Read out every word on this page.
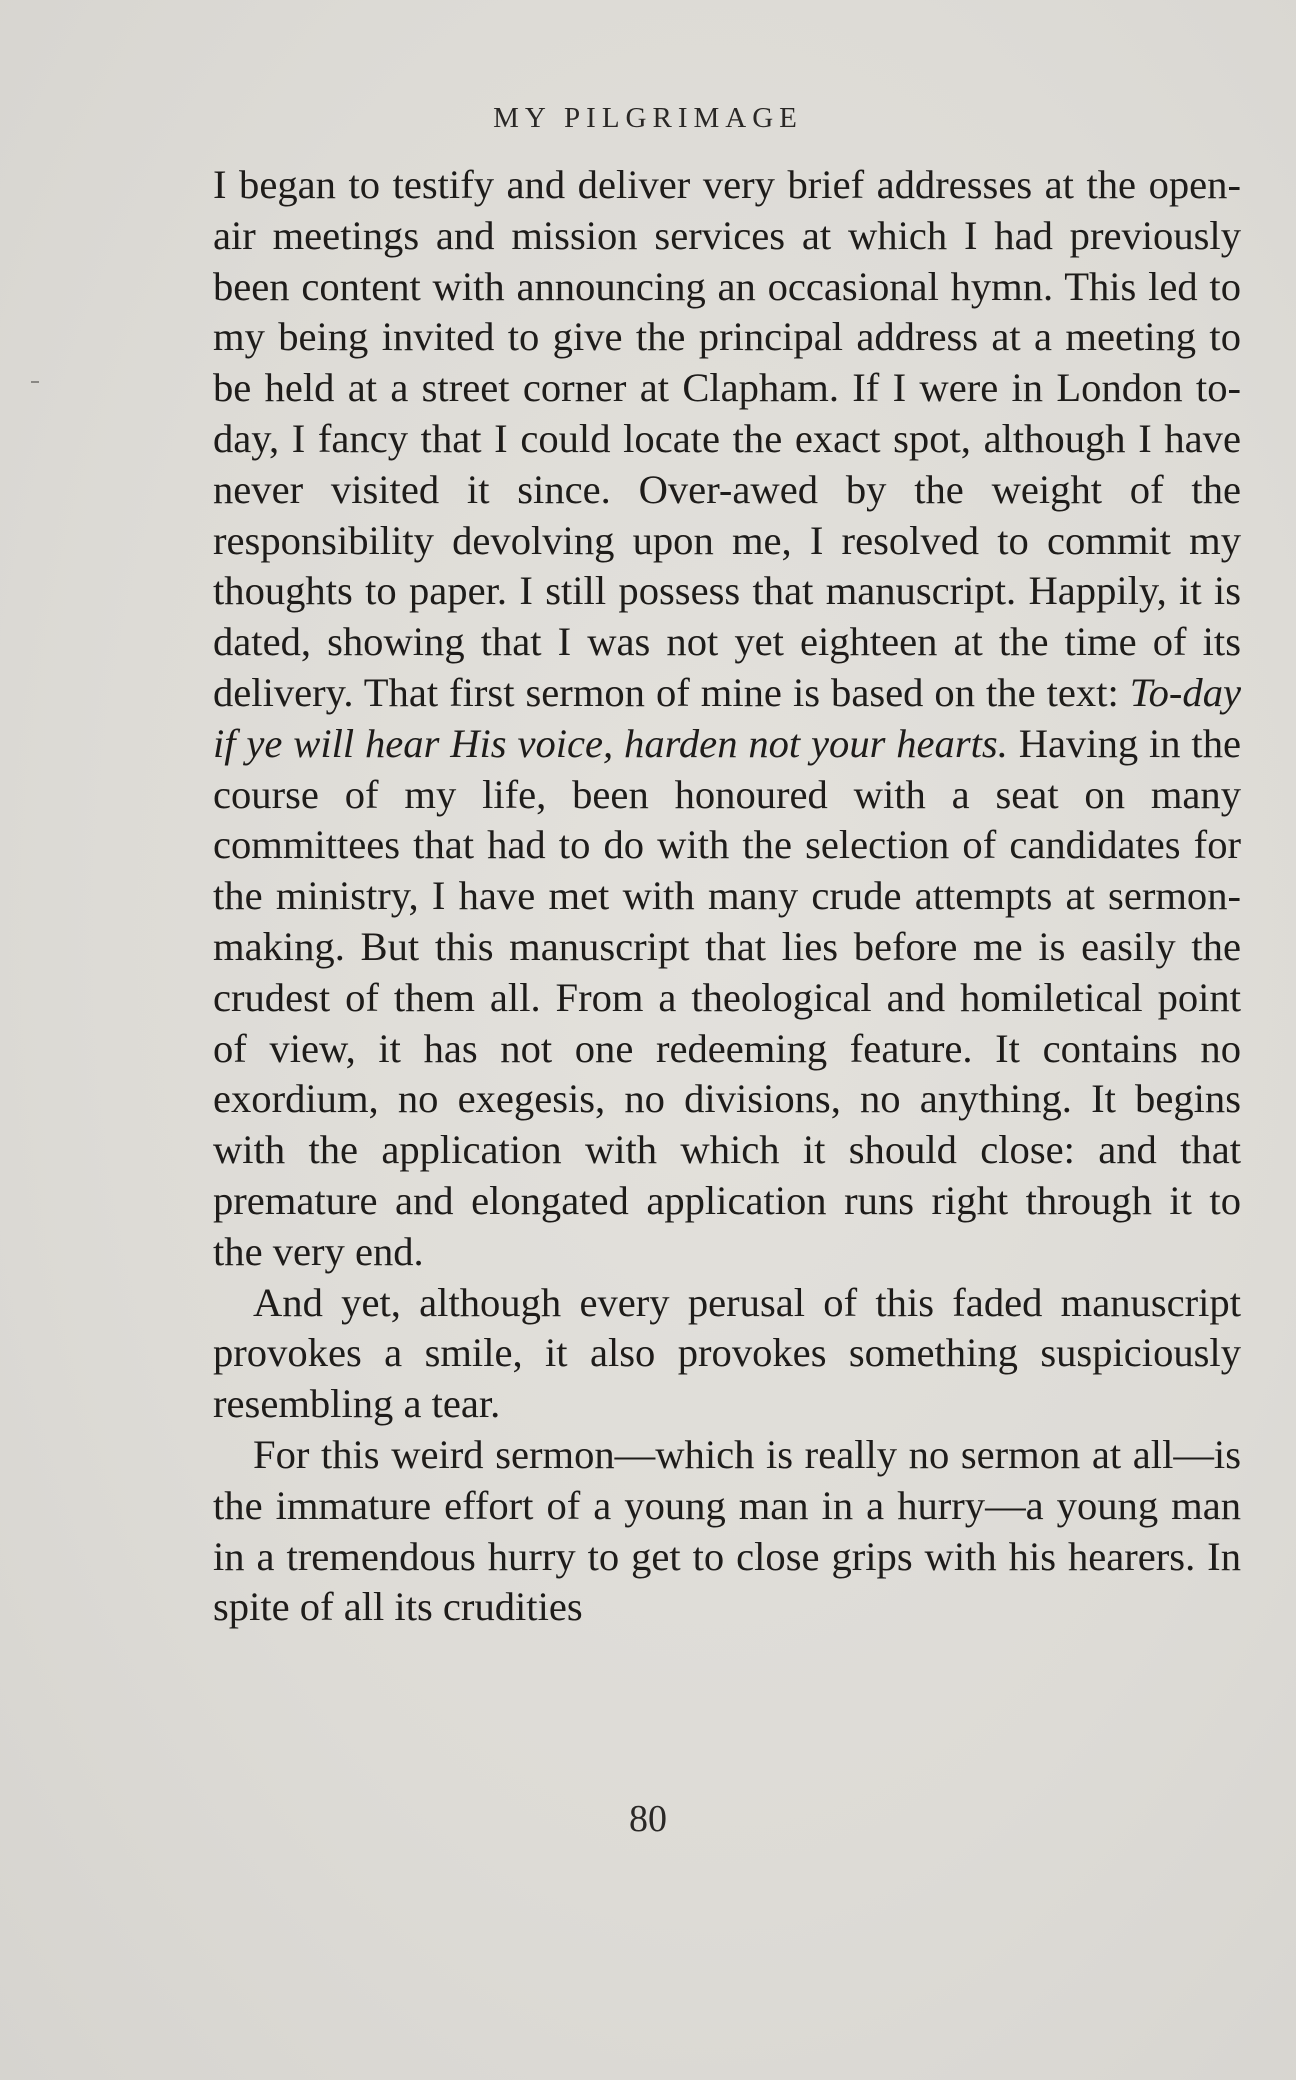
MY PILGRIMAGE

I began to testify and deliver very brief addresses at the open-air meetings and mission services at which I had previously been content with announcing an occasional hymn. This led to my being invited to give the principal address at a meeting to be held at a street corner at Clapham. If I were in London to-day, I fancy that I could locate the exact spot, although I have never visited it since. Over-awed by the weight of the responsibility devolving upon me, I resolved to commit my thoughts to paper. I still possess that manuscript. Happily, it is dated, showing that I was not yet eighteen at the time of its delivery. That first sermon of mine is based on the text: To-day if ye will hear His voice, harden not your hearts. Having in the course of my life, been honoured with a seat on many committees that had to do with the selection of candidates for the ministry, I have met with many crude attempts at sermon-making. But this manuscript that lies before me is easily the crudest of them all. From a theological and homiletical point of view, it has not one redeeming feature. It contains no exordium, no exegesis, no divisions, no anything. It begins with the application with which it should close: and that premature and elongated application runs right through it to the very end.

And yet, although every perusal of this faded manuscript provokes a smile, it also provokes something suspiciously resembling a tear.

For this weird sermon—which is really no sermon at all—is the immature effort of a young man in a hurry—a young man in a tremendous hurry to get to close grips with his hearers. In spite of all its crudities

80
